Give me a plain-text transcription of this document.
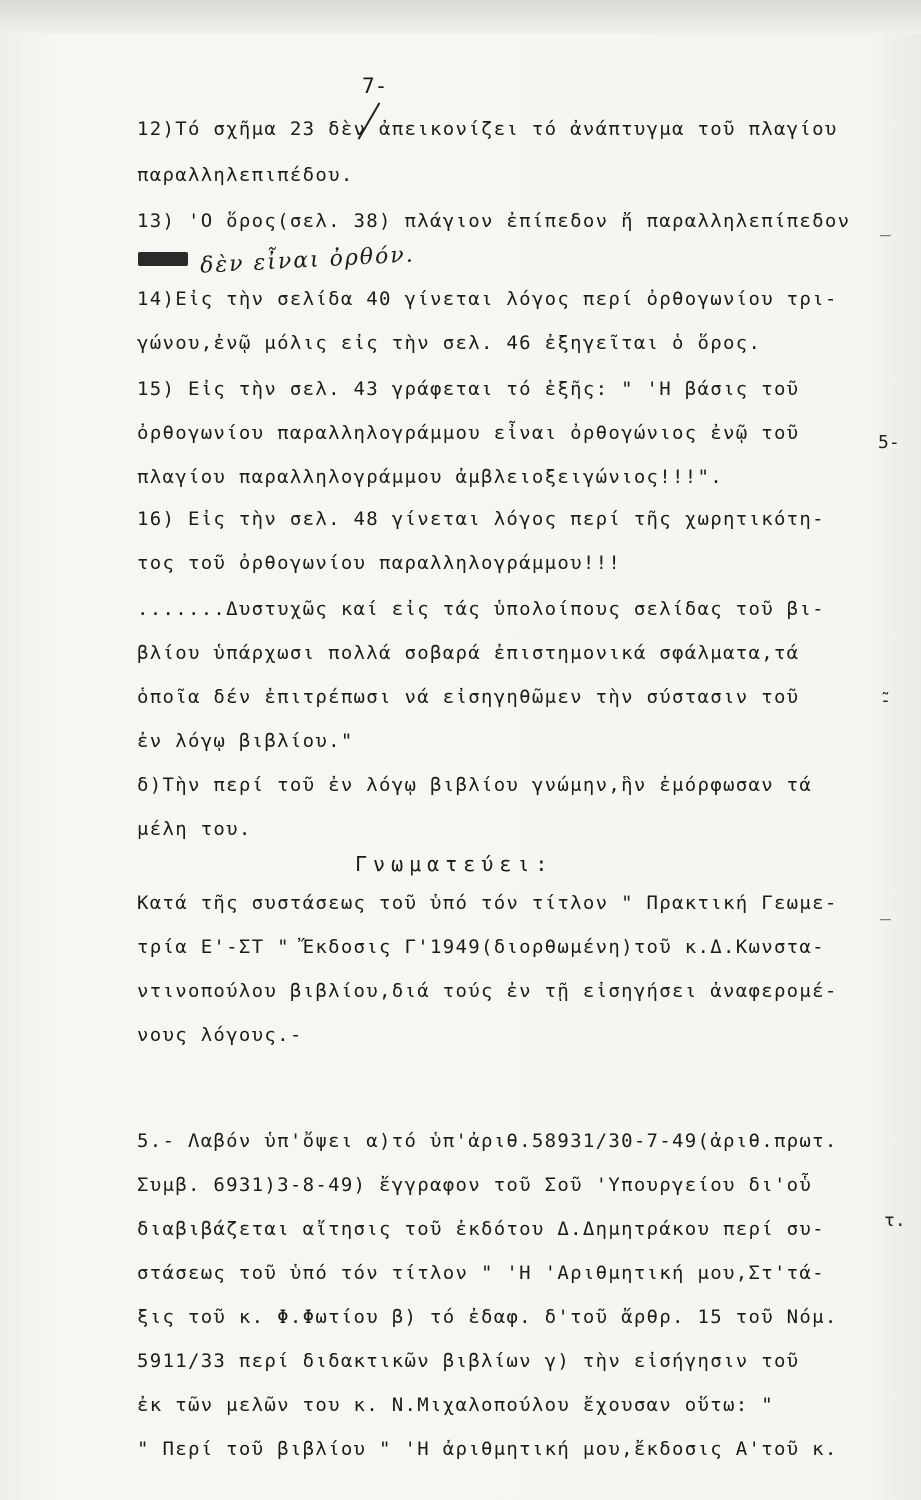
7-
12)Τό σχῆμα 23 δὲν ἀπεικονίζει τό ἀνάπτυγμα τοῦ πλαγίου
παραλληλεπιπέδου.
13) 'Ο ὅρος(σελ. 38) πλάγιον ἐπίπεδον ἤ παραλληλεπίπεδον
δὲν εἶναι ὀρθόν.
14)Εἰς τὴν σελίδα 40 γίνεται λόγος περί ὀρθογωνίου τρι-
γώνου,ἐνῷ μόλις εἰς τὴν σελ. 46 ἐξηγεῖται ὁ ὅρος.
15) Εἰς τὴν σελ. 43 γράφεται τό ἑξῆς: " 'Η βάσις τοῦ
ὀρθογωνίου παραλληλογράμμου εἶναι ὀρθογώνιος ἐνῷ τοῦ
πλαγίου παραλληλογράμμου ἀμβλειοξειγώνιος!!!".
16) Εἰς τὴν σελ. 48 γίνεται λόγος περί τῆς χωρητικότη-
τος τοῦ ὀρθογωνίου παραλληλογράμμου!!!
.......Δυστυχῶς καί εἰς τάς ὑπολοίπους σελίδας τοῦ βι-
βλίου ὑπάρχωσι πολλά σοβαρά ἐπιστημονικά σφάλματα,τά
ὁποῖα δέν ἐπιτρέπωσι νά εἰσηγηθῶμεν τὴν σύστασιν τοῦ
ἐν λόγῳ βιβλίου."
δ)Τὴν περί τοῦ ἐν λόγῳ βιβλίου γνώμην,ἣν ἐμόρφωσαν τά
μέλη του.
Γνωματεύει:
Κατά τῆς συστάσεως τοῦ ὑπό τόν τίτλον " Πρακτική Γεωμε-
τρία Ε'-ΣΤ " Ἔκδοσις Γ'1949(διορθωμένη)τοῦ κ.Δ.Κωνστα-
ντινοπούλου βιβλίου,διά τούς ἐν τῇ εἰσηγήσει ἀναφερομέ-
νους λόγους.-
5.- Λαβόν ὑπ'ὄψει α)τό ὑπ'ἀριθ.58931/30-7-49(ἀριθ.πρωτ.
Συμβ. 6931)3-8-49) ἔγγραφον τοῦ Σοῦ 'Υπουργείου δι'οὗ
διαβιβάζεται αἴτησις τοῦ ἐκδότου Δ.Δημητράκου περί συ-
στάσεως τοῦ ὑπό τόν τίτλον " 'Η 'Αριθμητική μου,Στ'τά-
ξις τοῦ κ. Φ.Φωτίου β) τό ἐδαφ. δ'τοῦ ἄρθρ. 15 τοῦ Νόμ.
5911/33 περί διδακτικῶν βιβλίων γ) τὴν εἰσήγησιν τοῦ
ἐκ τῶν μελῶν του κ. Ν.Μιχαλοπούλου ἔχουσαν οὕτω: "
" Περί τοῦ βιβλίου " 'Η ἀριθμητική μου,ἔκδοσις Α'τοῦ κ.
_
5-
̃-
_
τ.
